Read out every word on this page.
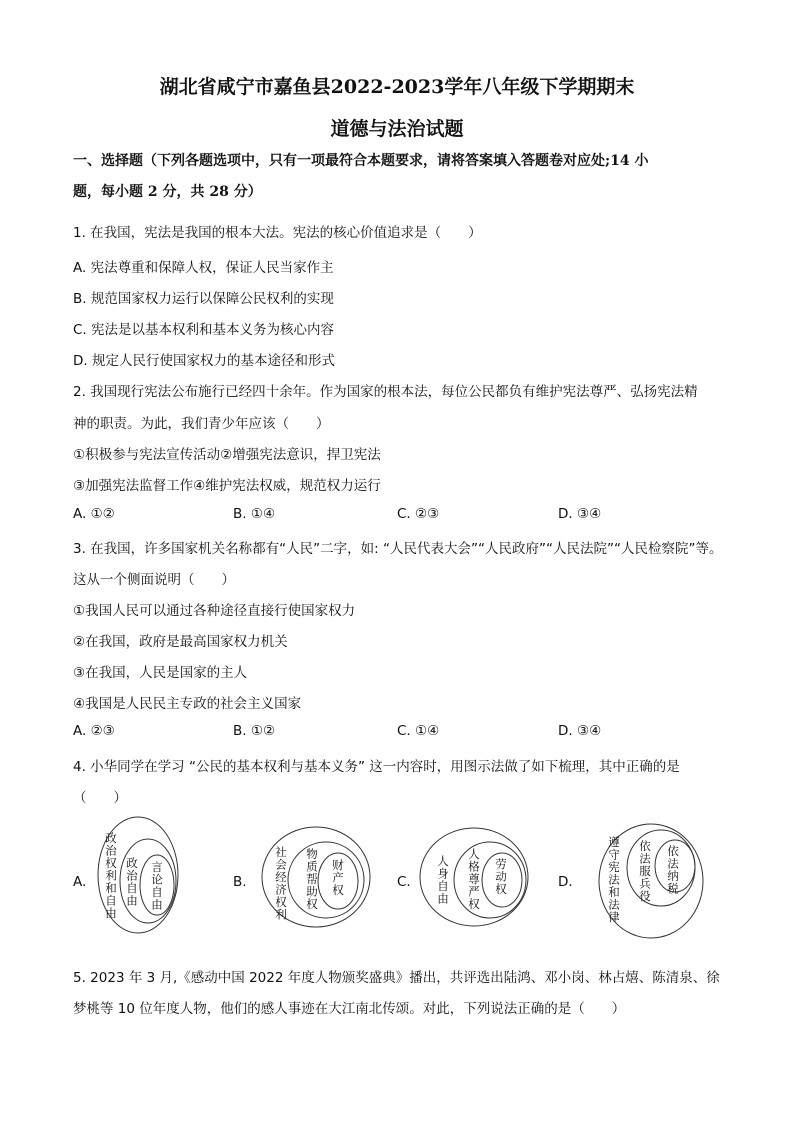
湖北省咸宁市嘉鱼县2022-2023学年八年级下学期期末
道德与法治试题
一、选择题（下列各题选项中，只有一项最符合本题要求，请将答案填入答题卷对应处;14 小
题，每小题 2 分，共 28 分）
1. 在我国，宪法是我国的根本大法。宪法的核心价值追求是（　　）
A. 宪法尊重和保障人权，保证人民当家作主
B. 规范国家权力运行以保障公民权利的实现
C. 宪法是以基本权利和基本义务为核心内容
D. 规定人民行使国家权力的基本途径和形式
2. 我国现行宪法公布施行已经四十余年。作为国家的根本法，每位公民都负有维护宪法尊严、弘扬宪法精
神的职责。为此，我们青少年应该（　　）
①积极参与宪法宣传活动②增强宪法意识，捍卫宪法
③加强宪法监督工作④维护宪法权威，规范权力运行
A. ①②	B. ①④	C. ②③	D. ③④
3. 在我国，许多国家机关名称都有“人民”二字，如: “人民代表大会”“人民政府”“人民法院”“人民检察院”等。
这从一个侧面说明（　　）
①我国人民可以通过各种途径直接行使国家权力
②在我国，政府是最高国家权力机关
③在我国，人民是国家的主人
④我国是人民民主专政的社会主义国家
A. ②③	B. ①②	C. ①④	D. ③④
4. 小华同学在学习 “公民的基本权利与基本义务” 这一内容时，用图示法做了如下梳理，其中正确的是
（　　）
A. 政治权利和自由 政治自由 言论自由	B. 社会经济权利 物质帮助权 财产权	C. 人身自由 人格尊严权 劳动权	D.	遵守宪法和法律 依法服兵役 依法纳税
5. 2023 年 3 月,《感动中国 2022 年度人物颁奖盛典》播出，共评选出陆鸿、邓小岗、林占熺、陈清泉、徐
梦桃等 10 位年度人物，他们的感人事迹在大江南北传颂。对此，下列说法正确的是（　　）
